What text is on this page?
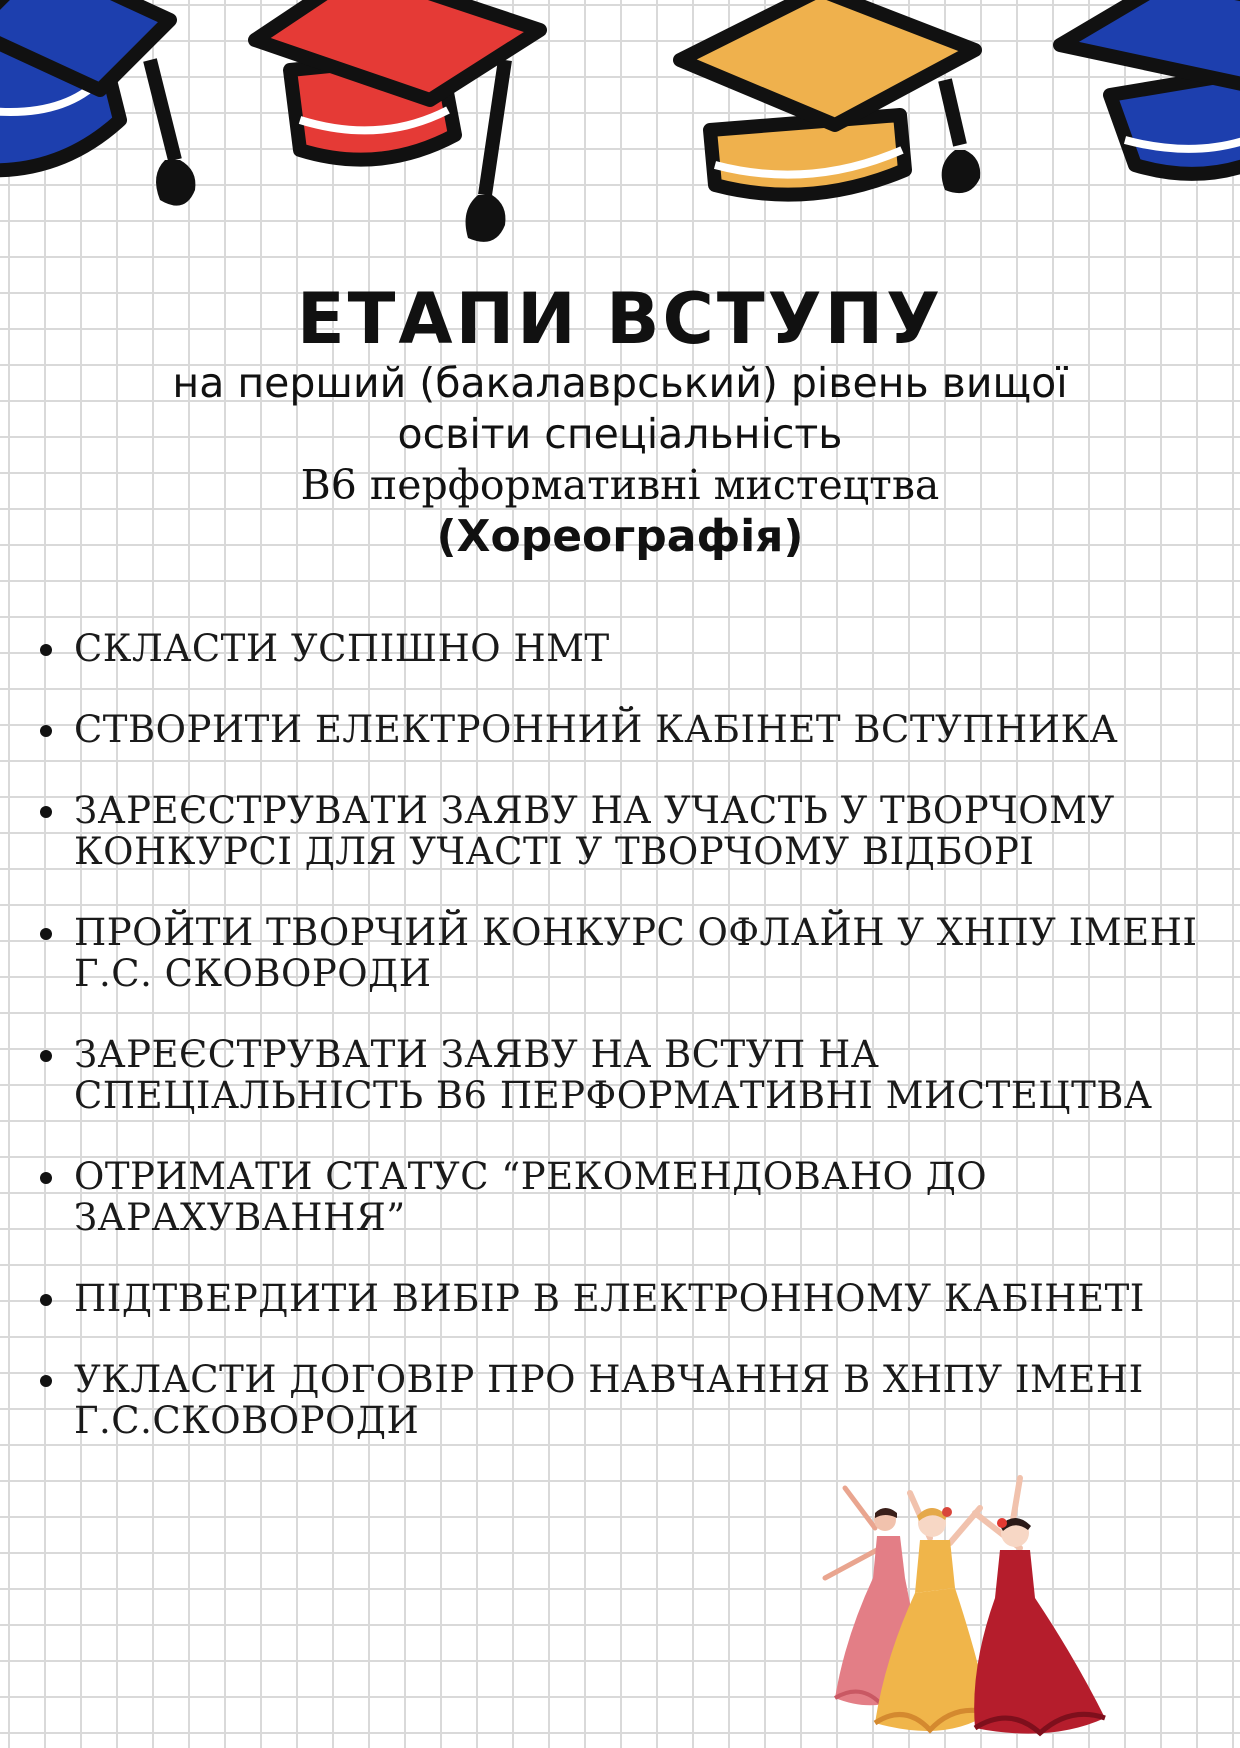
ЕТАПИ ВСТУПУ

на перший (бакалаврський) рівень вищої

освіти спеціальність

В6 перформативні мистецтва

(Хореографія)

СКЛАСТИ УСПІШНО НМТ
СТВОРИТИ ЕЛЕКТРОННИЙ КАБІНЕТ ВСТУПНИКА
ЗАРЕЄСТРУВАТИ ЗАЯВУ НА УЧАСТЬ У ТВОРЧОМУ КОНКУРСІ ДЛЯ УЧАСТІ У ТВОРЧОМУ ВІДБОРІ
ПРОЙТИ ТВОРЧИЙ КОНКУРС ОФЛАЙН У ХНПУ ІМЕНІ Г.С. СКОВОРОДИ
ЗАРЕЄСТРУВАТИ ЗАЯВУ НА ВСТУП НА СПЕЦІАЛЬНІСТЬ В6 ПЕРФОРМАТИВНІ МИСТЕЦТВА
ОТРИМАТИ СТАТУС “РЕКОМЕНДОВАНО ДО ЗАРАХУВАННЯ”
ПІДТВЕРДИТИ ВИБІР В ЕЛЕКТРОННОМУ КАБІНЕТІ
УКЛАСТИ ДОГОВІР ПРО НАВЧАННЯ В ХНПУ ІМЕНІ Г.С.СКОВОРОДИ
